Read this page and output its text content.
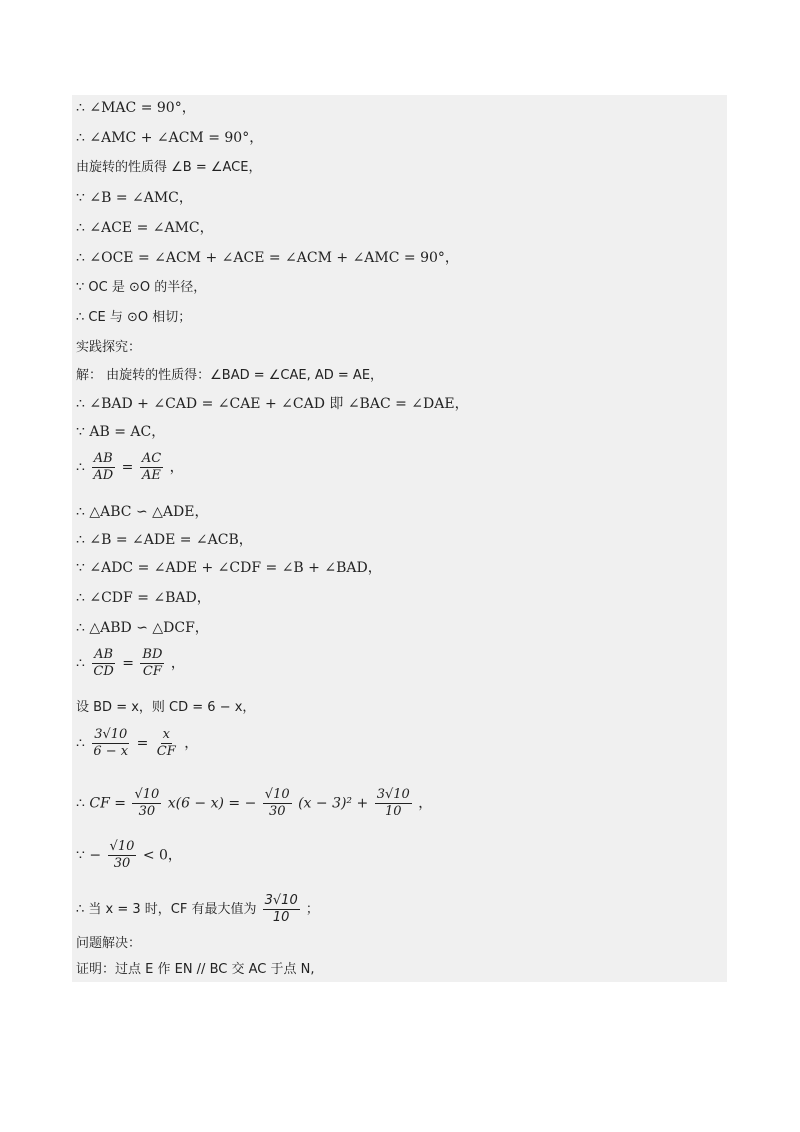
∴ ∠MAC = 90°，
∴ ∠AMC + ∠ACM = 90°，
由旋转的性质得 ∠B = ∠ACE，
∵ ∠B = ∠AMC，
∴ ∠ACE = ∠AMC，
∴ ∠OCE = ∠ACM + ∠ACE = ∠ACM + ∠AMC = 90°，
∵ OC 是 ⊙O 的半径，
∴ CE 与 ⊙O 相切；
实践探究：
解： 由旋转的性质得：∠BAD = ∠CAE, AD = AE，
∴ ∠BAD + ∠CAD = ∠CAE + ∠CAD 即 ∠BAC = ∠DAE，
∵ AB = AC，
∴ $\frac{AB}{AD} = \frac{AC}{AE}$ ，
∴ △ABC ∽ △ADE，
∴ ∠B = ∠ADE = ∠ACB，
∵ ∠ADC = ∠ADE + ∠CDF = ∠B + ∠BAD，
∴ ∠CDF = ∠BAD，
∴ △ABD ∽ △DCF，
∴ $\frac{AB}{CD} = \frac{BD}{CF}$ ，
设 BD = x，则 CD = 6 − x，
∴ $\frac{3√10}{6 - x} = \frac{x}{CF}$ ，
∴ CF = $\frac{√10}{30} x(6 - x)$ = − $\frac{√10}{30} (x - 3)^2 + \frac{3√10}{10}$ ，
∵ − $\frac{√10}{30} < 0$，
∴ 当 x = 3 时，CF 有最大值为 $\frac{3√10}{10}$ ；
问题解决：
证明：过点 E 作 EN // BC 交 AC 于点 N,
